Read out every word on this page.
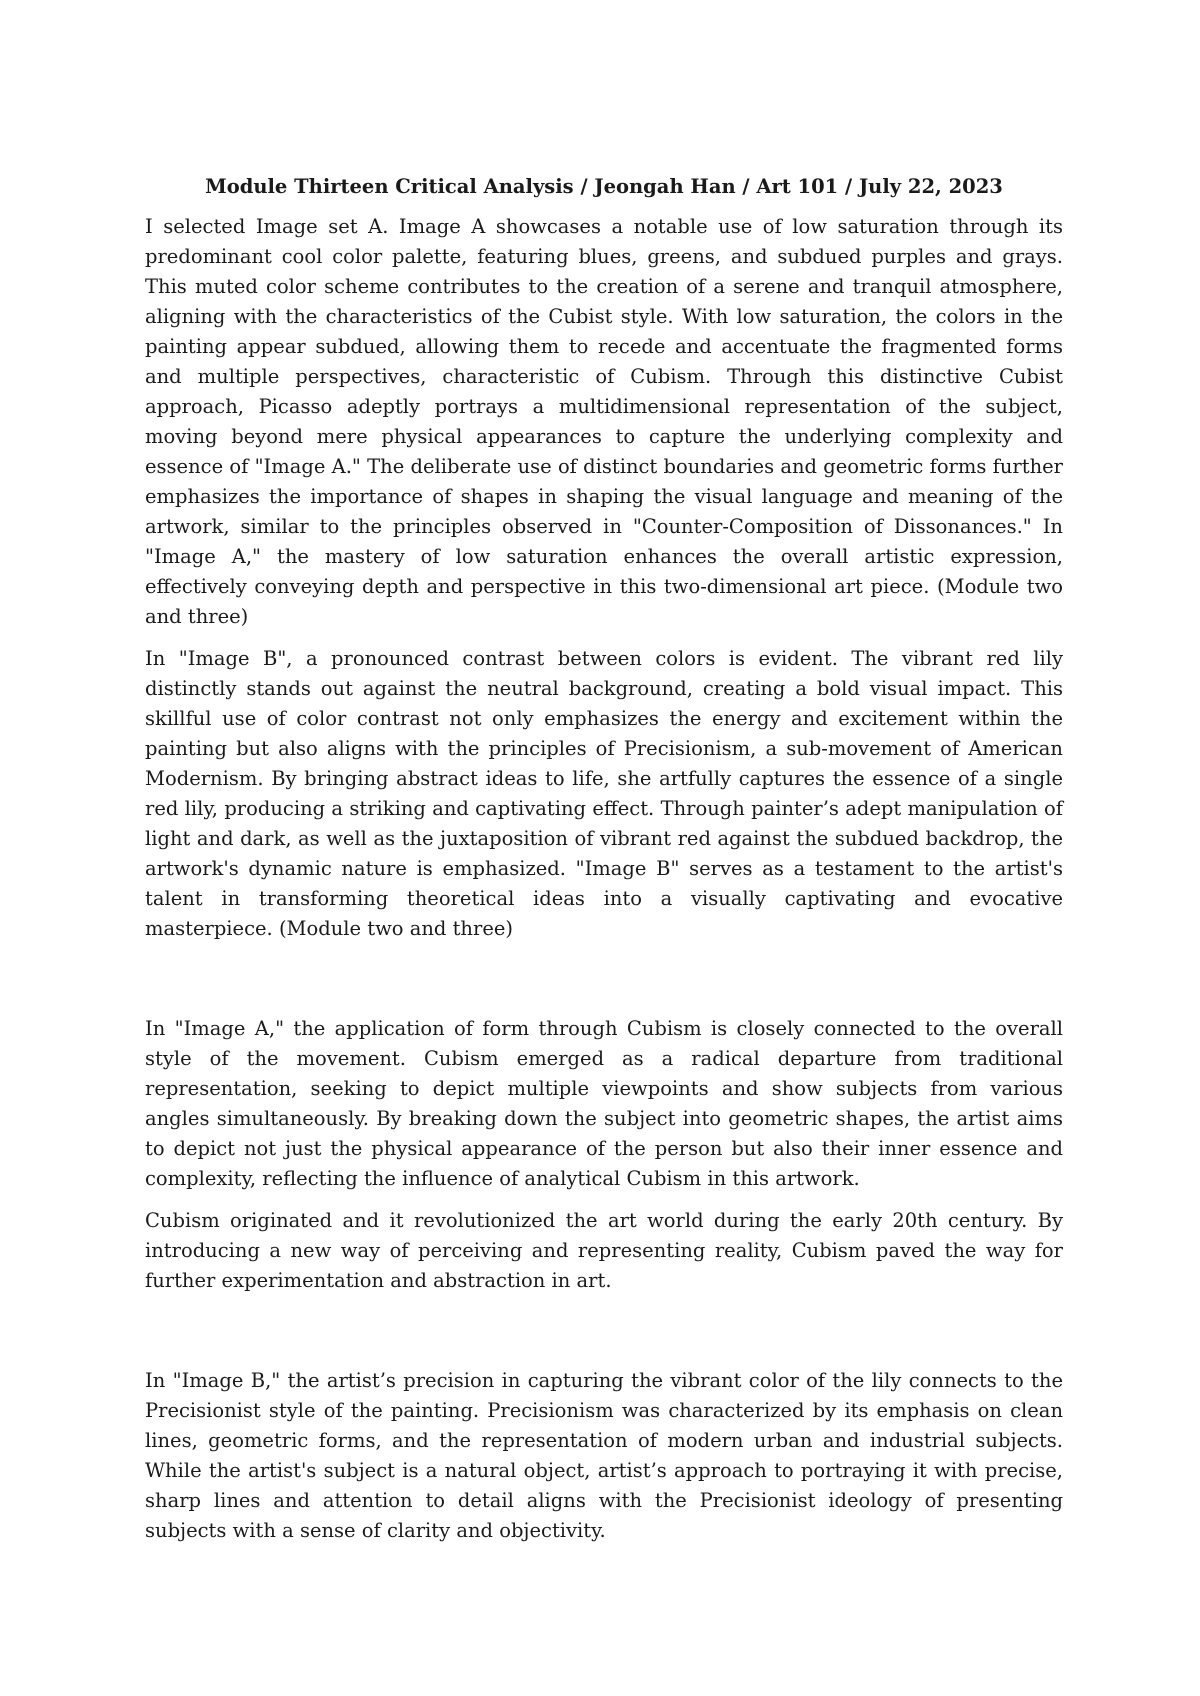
Module Thirteen Critical Analysis / Jeongah Han / Art 101 / July 22, 2023

I selected Image set A. Image A showcases a notable use of low saturation through its predominant cool color palette, featuring blues, greens, and subdued purples and grays. This muted color scheme contributes to the creation of a serene and tranquil atmosphere, aligning with the characteristics of the Cubist style. With low saturation, the colors in the painting appear subdued, allowing them to recede and accentuate the fragmented forms and multiple perspectives, characteristic of Cubism. Through this distinctive Cubist approach, Picasso adeptly portrays a multidimensional representation of the subject, moving beyond mere physical appearances to capture the underlying complexity and essence of "Image A." The deliberate use of distinct boundaries and geometric forms further emphasizes the importance of shapes in shaping the visual language and meaning of the artwork, similar to the principles observed in "Counter-Composition of Dissonances." In "Image A," the mastery of low saturation enhances the overall artistic expression, effectively conveying depth and perspective in this two-dimensional art piece. (Module two and three)

In "Image B", a pronounced contrast between colors is evident. The vibrant red lily distinctly stands out against the neutral background, creating a bold visual impact. This skillful use of color contrast not only emphasizes the energy and excitement within the painting but also aligns with the principles of Precisionism, a sub-movement of American Modernism. By bringing abstract ideas to life, she artfully captures the essence of a single red lily, producing a striking and captivating effect. Through painter’s adept manipulation of light and dark, as well as the juxtaposition of vibrant red against the subdued backdrop, the artwork's dynamic nature is emphasized. "Image B" serves as a testament to the artist's talent in transforming theoretical ideas into a visually captivating and evocative masterpiece. (Module two and three)

In "Image A," the application of form through Cubism is closely connected to the overall style of the movement. Cubism emerged as a radical departure from traditional representation, seeking to depict multiple viewpoints and show subjects from various angles simultaneously. By breaking down the subject into geometric shapes, the artist aims to depict not just the physical appearance of the person but also their inner essence and complexity, reflecting the influence of analytical Cubism in this artwork.

Cubism originated and it revolutionized the art world during the early 20th century. By introducing a new way of perceiving and representing reality, Cubism paved the way for further experimentation and abstraction in art.

In "Image B," the artist’s precision in capturing the vibrant color of the lily connects to the Precisionist style of the painting. Precisionism was characterized by its emphasis on clean lines, geometric forms, and the representation of modern urban and industrial subjects. While the artist's subject is a natural object, artist’s approach to portraying it with precise, sharp lines and attention to detail aligns with the Precisionist ideology of presenting subjects with a sense of clarity and objectivity.
